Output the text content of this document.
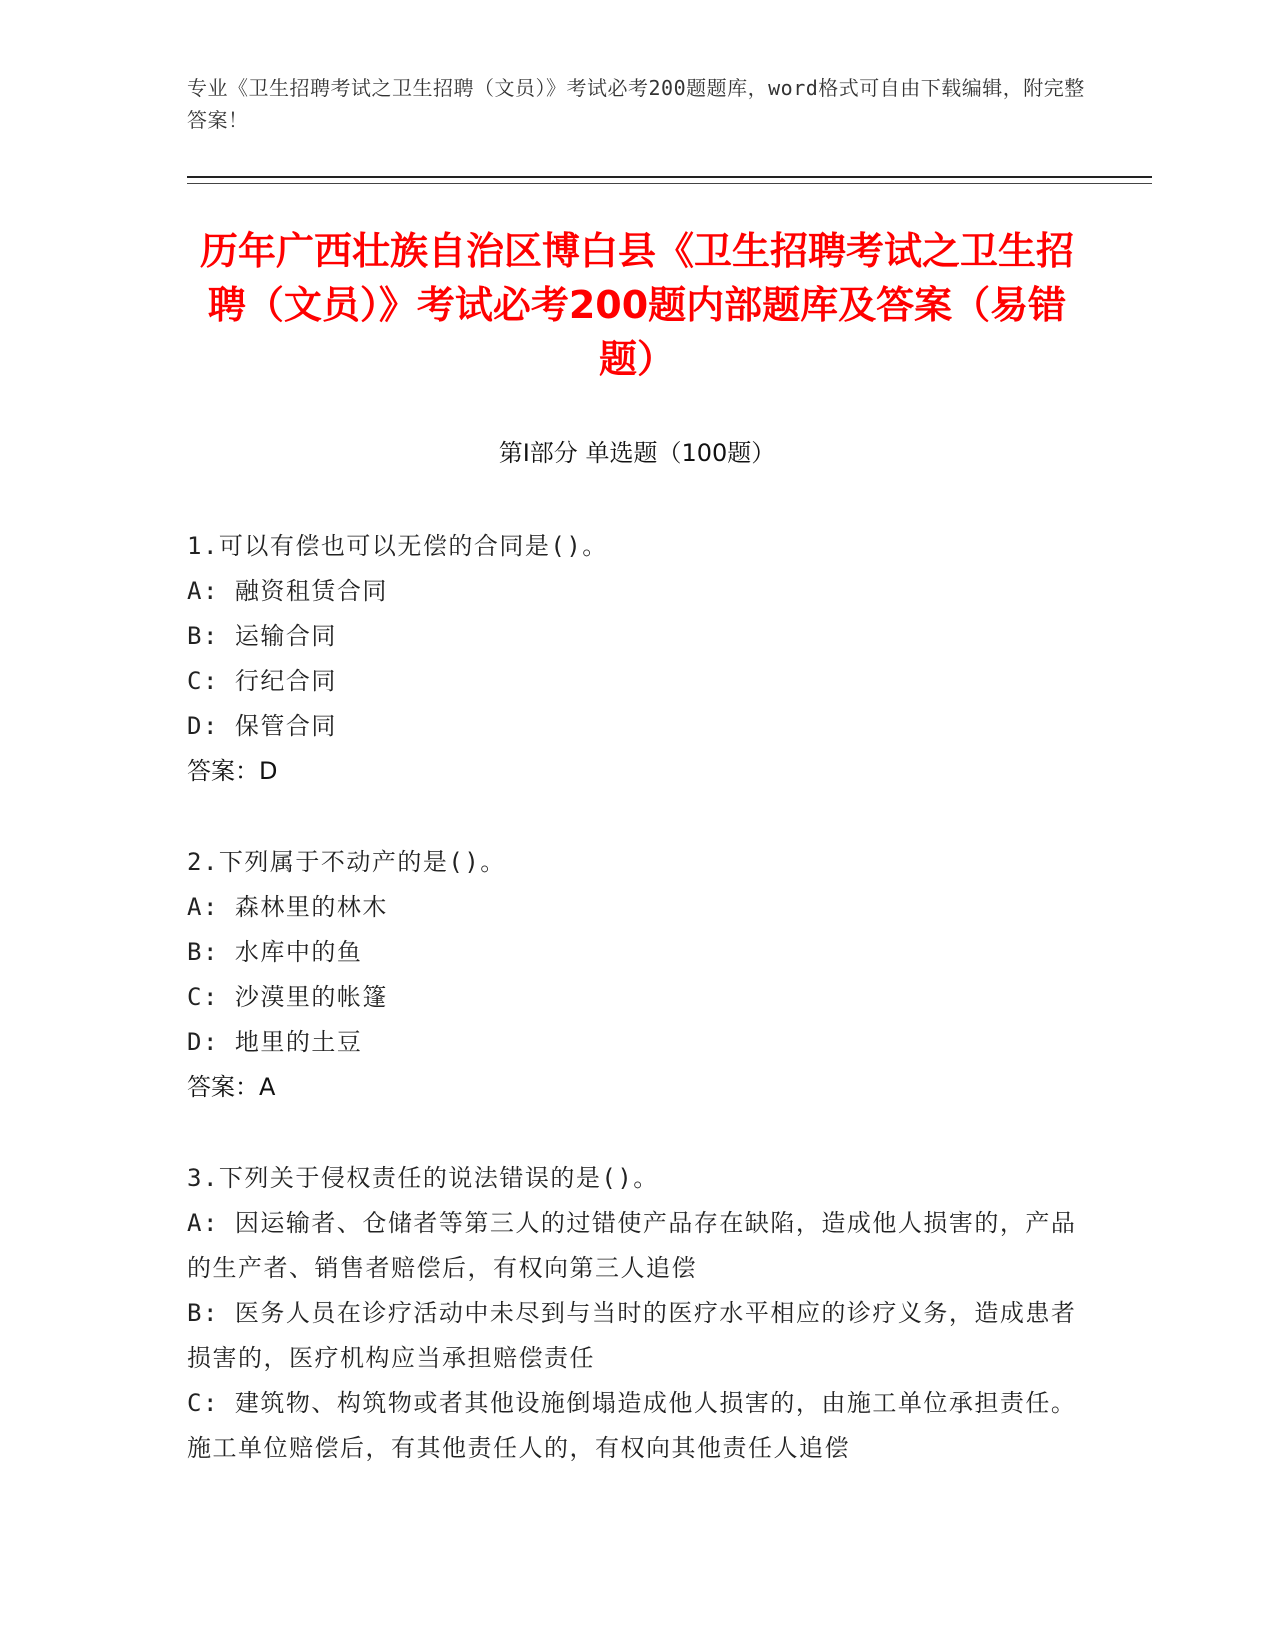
专业《卫生招聘考试之卫生招聘（文员）》考试必考200题题库，word格式可自由下载编辑，附完整答案！
历年广西壮族自治区博白县《卫生招聘考试之卫生招聘（文员）》考试必考200题内部题库及答案（易错题）
第Ⅰ部分 单选题（100题）
1.可以有偿也可以无偿的合同是()。
A: 融资租赁合同
B: 运输合同
C: 行纪合同
D: 保管合同
答案：D
2.下列属于不动产的是()。
A: 森林里的林木
B: 水库中的鱼
C: 沙漠里的帐篷
D: 地里的土豆
答案：A
3.下列关于侵权责任的说法错误的是()。
A: 因运输者、仓储者等第三人的过错使产品存在缺陷，造成他人损害的，产品的生产者、销售者赔偿后，有权向第三人追偿
B: 医务人员在诊疗活动中未尽到与当时的医疗水平相应的诊疗义务，造成患者损害的，医疗机构应当承担赔偿责任
C: 建筑物、构筑物或者其他设施倒塌造成他人损害的，由施工单位承担责任。施工单位赔偿后，有其他责任人的，有权向其他责任人追偿
